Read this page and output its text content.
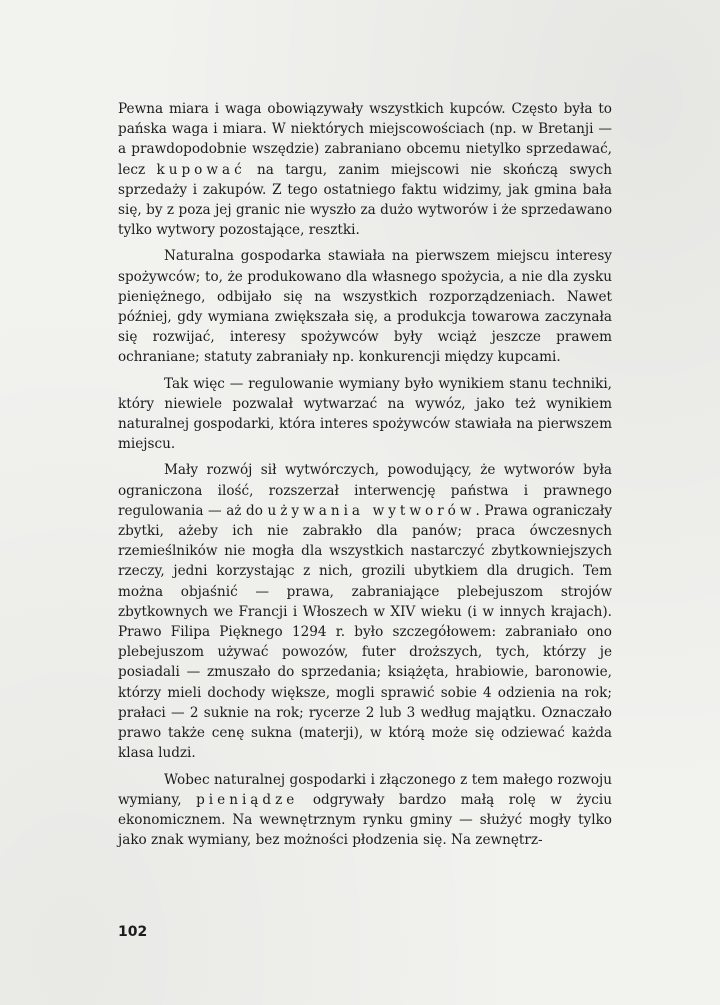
Pewna miara i waga obowiązywały wszystkich kupców. Często była to pańska waga i miara. W niektórych miejscowościach (np. w Bretanji — a prawdopodobnie wszędzie) zabraniano obcemu nietylko sprzedawać, lecz kupować na targu, zanim miejscowi nie skończą swych sprzedaży i zakupów. Z tego ostatniego faktu widzimy, jak gmina bała się, by z poza jej granic nie wyszło za dużo wytworów i że sprzedawano tylko wytwory pozostające, resztki.

Naturalna gospodarka stawiała na pierwszem miejscu interesy spożywców; to, że produkowano dla własnego spożycia, a nie dla zysku pieniężnego, odbijało się na wszystkich rozporządzeniach. Nawet później, gdy wymiana zwiększała się, a produkcja towarowa zaczynała się rozwijać, interesy spożywców były wciąż jeszcze prawem ochraniane; statuty zabraniały np. konkurencji między kupcami.

Tak więc — regulowanie wymiany było wynikiem stanu techniki, który niewiele pozwalał wytwarzać na wywóz, jako też wynikiem naturalnej gospodarki, która interes spożywców stawiała na pierwszem miejscu.

Mały rozwój sił wytwórczych, powodujący, że wytworów była ograniczona ilość, rozszerzał interwencję państwa i prawnego regulowania — aż do używania wytworów. Prawa ograniczały zbytki, ażeby ich nie zabrakło dla panów; praca ówczesnych rzemieślników nie mogła dla wszystkich nastarczyć zbytkowniejszych rzeczy, jedni korzystając z nich, grozili ubytkiem dla drugich. Tem można objaśnić — prawa, zabraniające plebejuszom strojów zbytkownych we Francji i Włoszech w XIV wieku (i w innych krajach). Prawo Filipa Pięknego 1294 r. było szczegółowem: zabraniało ono plebejuszom używać powozów, futer droższych, tych, którzy je posiadali — zmuszało do sprzedania; książęta, hrabiowie, baronowie, którzy mieli dochody większe, mogli sprawić sobie 4 odzienia na rok; prałaci — 2 suknie na rok; rycerze 2 lub 3 według majątku. Oznaczało prawo także cenę sukna (materji), w którą może się odziewać każda klasa ludzi.

Wobec naturalnej gospodarki i złączonego z tem małego rozwoju wymiany, pieniądze odgrywały bardzo małą rolę w życiu ekonomicznem. Na wewnętrznym rynku gminy — służyć mogły tylko jako znak wymiany, bez możności płodzenia się. Na zewnętrz-

102
